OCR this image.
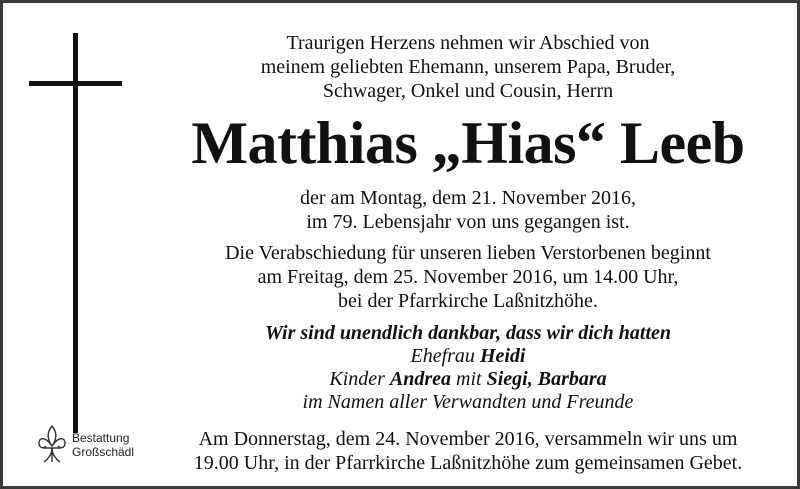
Traurigen Herzens nehmen wir Abschied von
meinem geliebten Ehemann, unserem Papa, Bruder,
Schwager, Onkel und Cousin, Herrn
Matthias „Hias“ Leeb
der am Montag, dem 21. November 2016,
im 79. Lebensjahr von uns gegangen ist.
Die Verabschiedung für unseren lieben Verstorbenen beginnt
am Freitag, dem 25. November 2016, um 14.00 Uhr,
bei der Pfarrkirche Laßnitzhöhe.
Wir sind unendlich dankbar, dass wir dich hatten
Ehefrau Heidi
Kinder Andrea mit Siegi, Barbara
im Namen aller Verwandten und Freunde
Am Donnerstag, dem 24. November 2016, versammeln wir uns um
19.00 Uhr, in der Pfarrkirche Laßnitzhöhe zum gemeinsamen Gebet.
Bestattung
Großschädl
